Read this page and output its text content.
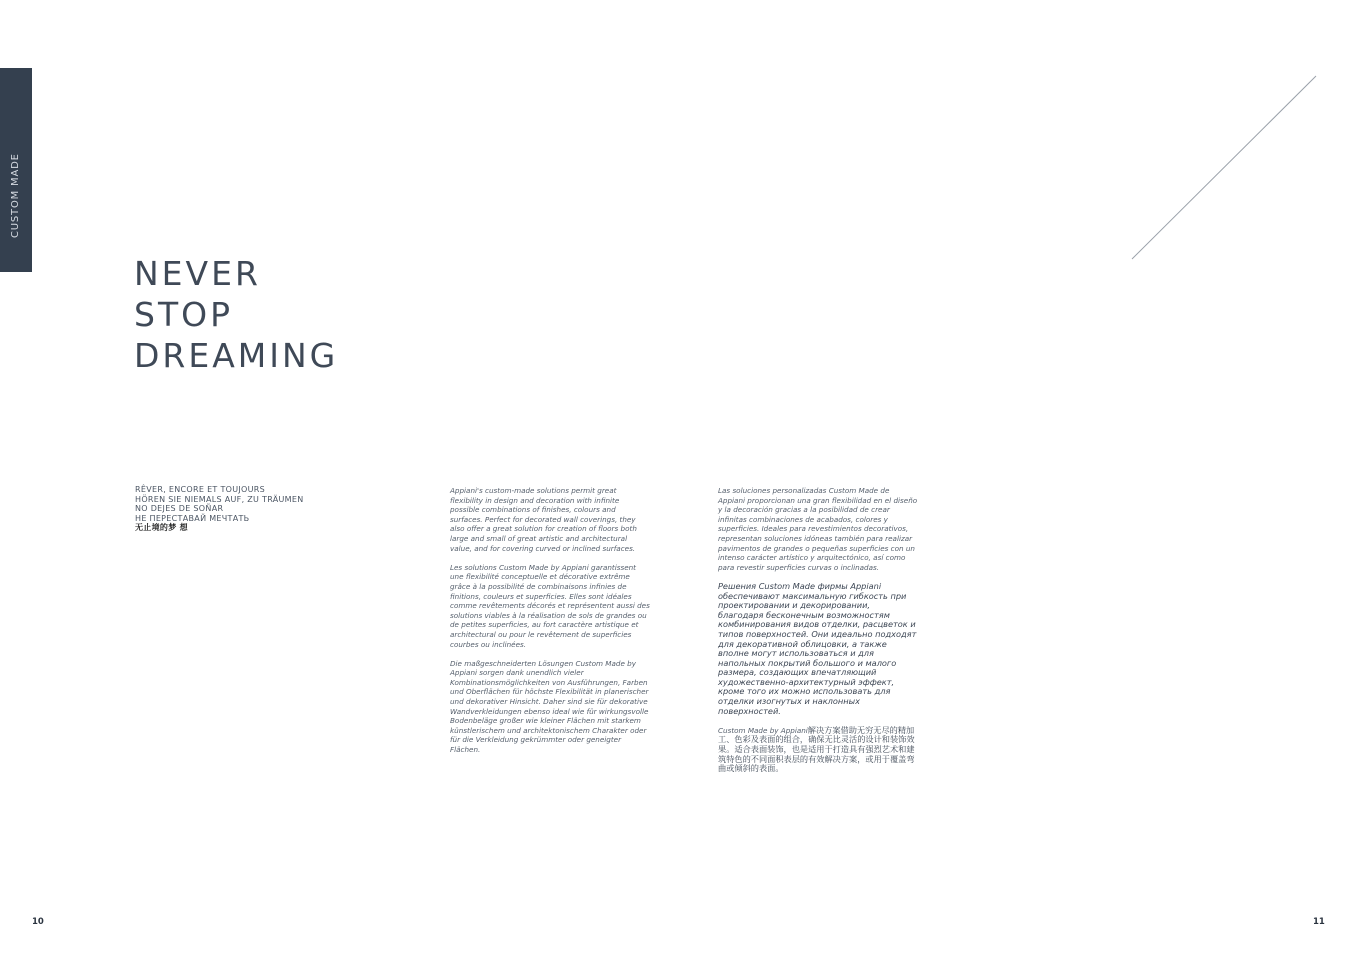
CUSTOM MADE
NEVER
STOP
DREAMING
RÊVER, ENCORE ET TOUJOURS
HÖREN SIE NIEMALS AUF, ZU TRÄUMEN
NO DEJES DE SOÑAR
НЕ ПЕРЕСТАВАЙ МЕЧТАТЬ
无止境的梦 想

Appiani's custom-made solutions permit great flexibility in design and decoration with infinite possible combinations of finishes, colours and surfaces. Perfect for decorated wall coverings, they also offer a great solution for creation of floors both large and small of great artistic and architectural value, and for covering curved or inclined surfaces.

Les solutions Custom Made by Appiani garantissent une flexibilité conceptuelle et décorative extrême grâce à la possibilité de combinaisons infinies de finitions, couleurs et superficies. Elles sont idéales comme revêtements décorés et représentent aussi des solutions viables à la réalisation de sols de grandes ou de petites superficies, au fort caractère artistique et architectural ou pour le revêtement de superficies courbes ou inclinées.

Die maßgeschneiderten Lösungen Custom Made by Appiani sorgen dank unendlich vieler Kombinationsmöglichkeiten von Ausführungen, Farben und Oberflächen für höchste Flexibilität in planerischer und dekorativer Hinsicht. Daher sind sie für dekorative Wandverkleidungen ebenso ideal wie für wirkungsvolle Bodenbeläge großer wie kleiner Flächen mit starkem künstlerischem und architektonischem Charakter oder für die Verkleidung gekrümmter oder geneigter Flächen.

Las soluciones personalizadas Custom Made de Appiani proporcionan una gran flexibilidad en el diseño y la decoración gracias a la posibilidad de crear infinitas combinaciones de acabados, colores y superficies. Ideales para revestimientos decorativos, representan soluciones idóneas también para realizar pavimentos de grandes o pequeñas superficies con un intenso carácter artístico y arquitectónico, así como para revestir superficies curvas o inclinadas.

Решения Custom Made фирмы Appiani обеспечивают максимальную гибкость при проектировании и декорировании, благодаря бесконечным возможностям комбинирования видов отделки, расцветок и типов поверхностей. Они идеально подходят для декоративной облицовки, а также вполне могут использоваться и для напольных покрытий большого и малого размера, создающих впечатляющий художественно-архитектурный эффект, кроме того их можно использовать для отделки изогнутых и наклонных поверхностей.

Custom Made by Appiani解决方案借助无穷无尽的精加工、色彩及表面的组合，确保无比灵活的设计和装饰效果。适合表面装饰，也是适用于打造具有强烈艺术和建筑特色的不同面积表层的有效解决方案，或用于覆盖弯曲或倾斜的表面。

10	11
